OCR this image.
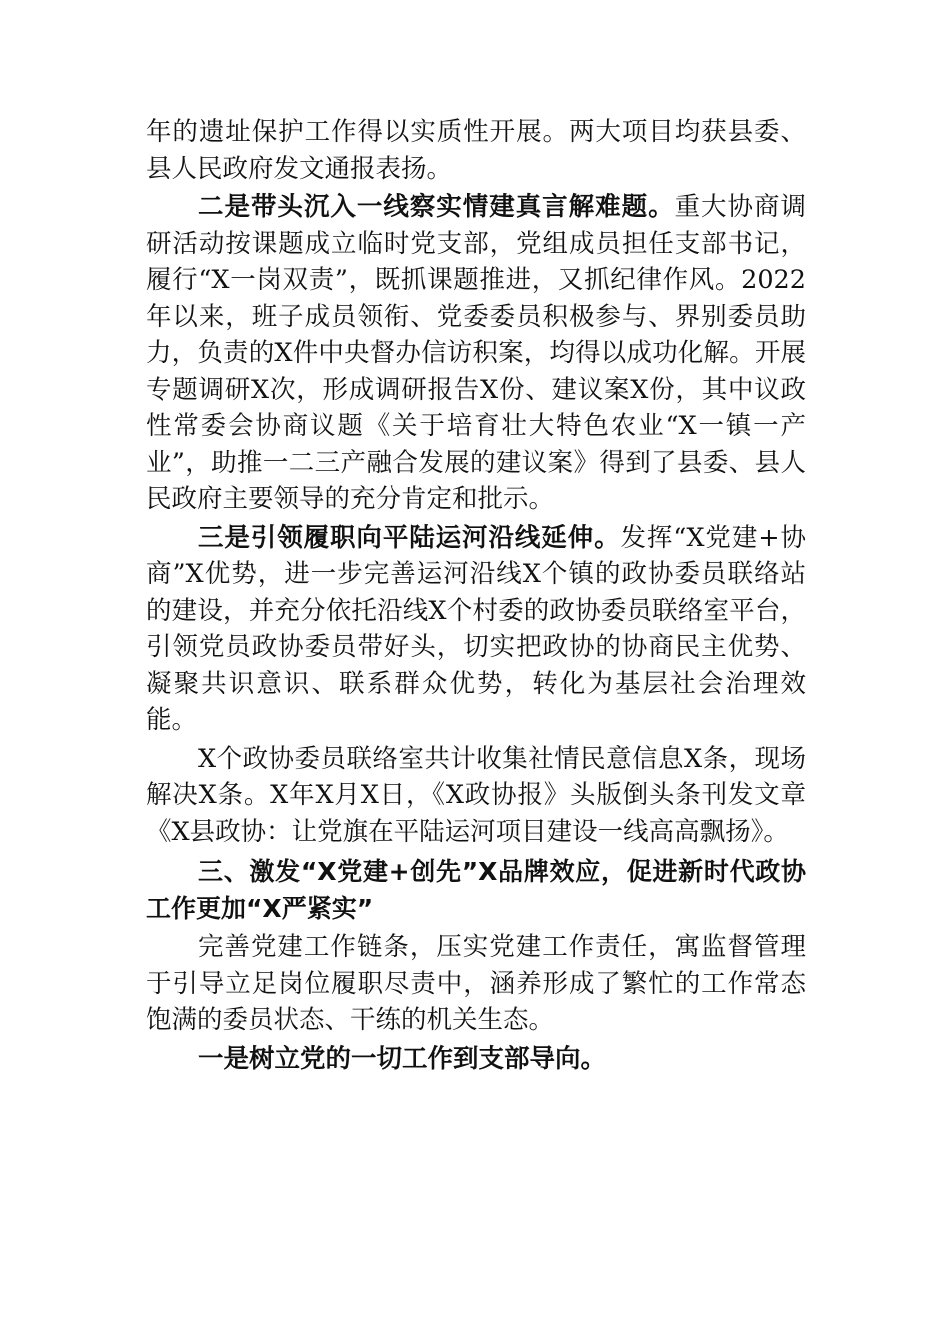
年的遗址保护工作得以实质性开展。两大项目均获县委、县人民政府发文通报表扬。

二是带头沉入一线察实情建真言解难题。重大协商调研活动按课题成立临时党支部，党组成员担任支部书记，履行“X一岗双责”，既抓课题推进，又抓纪律作风。2022年以来，班子成员领衔、党委委员积极参与、界别委员助力，负责的X件中央督办信访积案，均得以成功化解。开展专题调研X次，形成调研报告X份、建议案X份，其中议政性常委会协商议题《关于培育壮大特色农业“X一镇一产业”，助推一二三产融合发展的建议案》得到了县委、县人民政府主要领导的充分肯定和批示。

三是引领履职向平陆运河沿线延伸。发挥“X党建+协商”X优势，进一步完善运河沿线X个镇的政协委员联络站的建设，并充分依托沿线X个村委的政协委员联络室平台，引领党员政协委员带好头，切实把政协的协商民主优势、凝聚共识意识、联系群众优势，转化为基层社会治理效能。

X个政协委员联络室共计收集社情民意信息X条，现场解决X条。X年X月X日，《X政协报》头版倒头条刊发文章《X县政协：让党旗在平陆运河项目建设一线高高飘扬》。

三、激发“X党建+创先”X品牌效应，促进新时代政协工作更加“X严紧实”

完善党建工作链条，压实党建工作责任，寓监督管理于引导立足岗位履职尽责中，涵养形成了繁忙的工作常态饱满的委员状态、干练的机关生态。

一是树立党的一切工作到支部导向。
